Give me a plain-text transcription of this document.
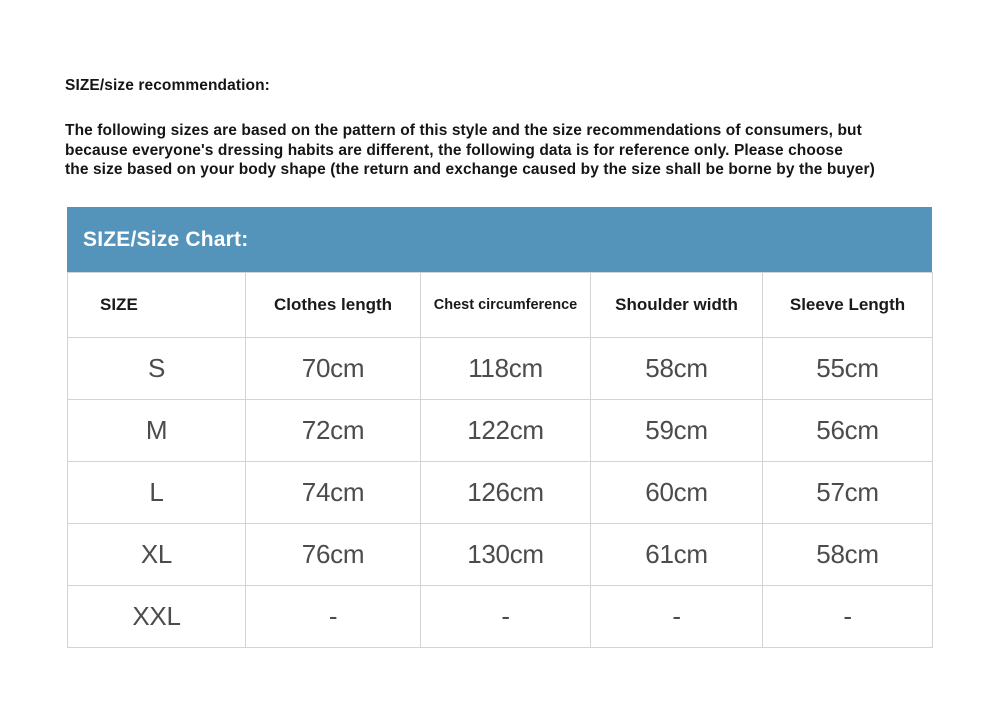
SIZE/size recommendation:
The following sizes are based on the pattern of this style and the size recommendations of consumers, but
because everyone's dressing habits are different, the following data is for reference only. Please choose
the size based on your body shape (the return and exchange caused by the size shall be borne by the buyer)
SIZE/Size Chart:
SIZE	Clothes length	Chest circumference	Shoulder width	Sleeve Length
S	70cm	118cm	58cm	55cm
M	72cm	122cm	59cm	56cm
L	74cm	126cm	60cm	57cm
XL	76cm	130cm	61cm	58cm
XXL	-	-	-	-
